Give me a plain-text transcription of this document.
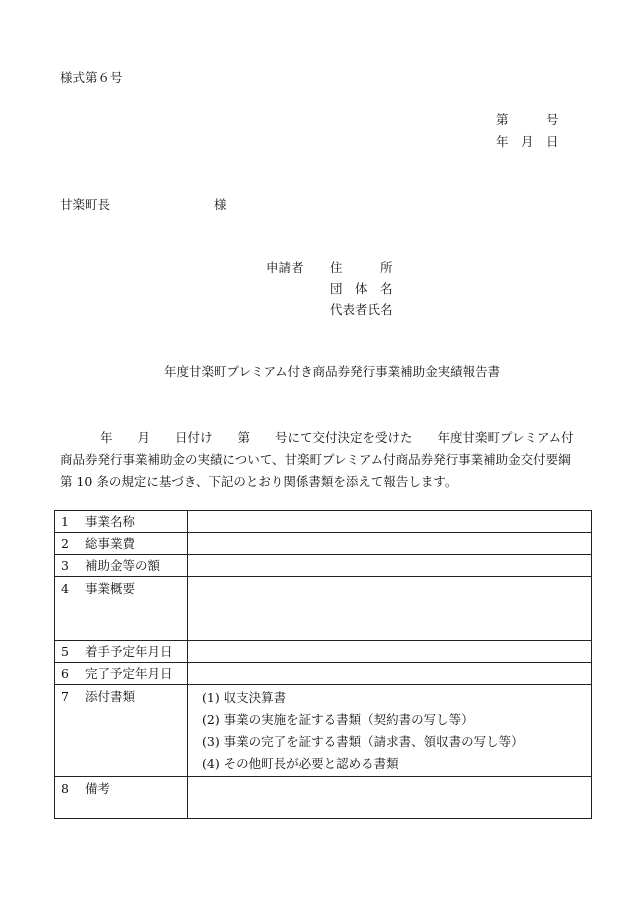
様式第６号
第　　　号
年　月　日
甘楽町長	様
申請者 住　　　所
団　体　名
代表者氏名
年度甘楽町プレミアム付き商品券発行事業補助金実績報告書
年　　月　　日付け　　第　　号にて交付決定を受けた　　年度甘楽町プレミアム付
商品券発行事業補助金の実績について、甘楽町プレミアム付商品券発行事業補助金交付要綱
第 10 条の規定に基づき、下記のとおり関係書類を添えて報告します。
1 事業名称	
2 総事業費	
3 補助金等の額	
4 事業概要	
5 着手予定年月日	
6 完了予定年月日	
7 添付書類	(1) 収支決算書
(2) 事業の実施を証する書類（契約書の写し等）
(3) 事業の完了を証する書類（請求書、領収書の写し等）
(4) その他町長が必要と認める書類

8 備考	
